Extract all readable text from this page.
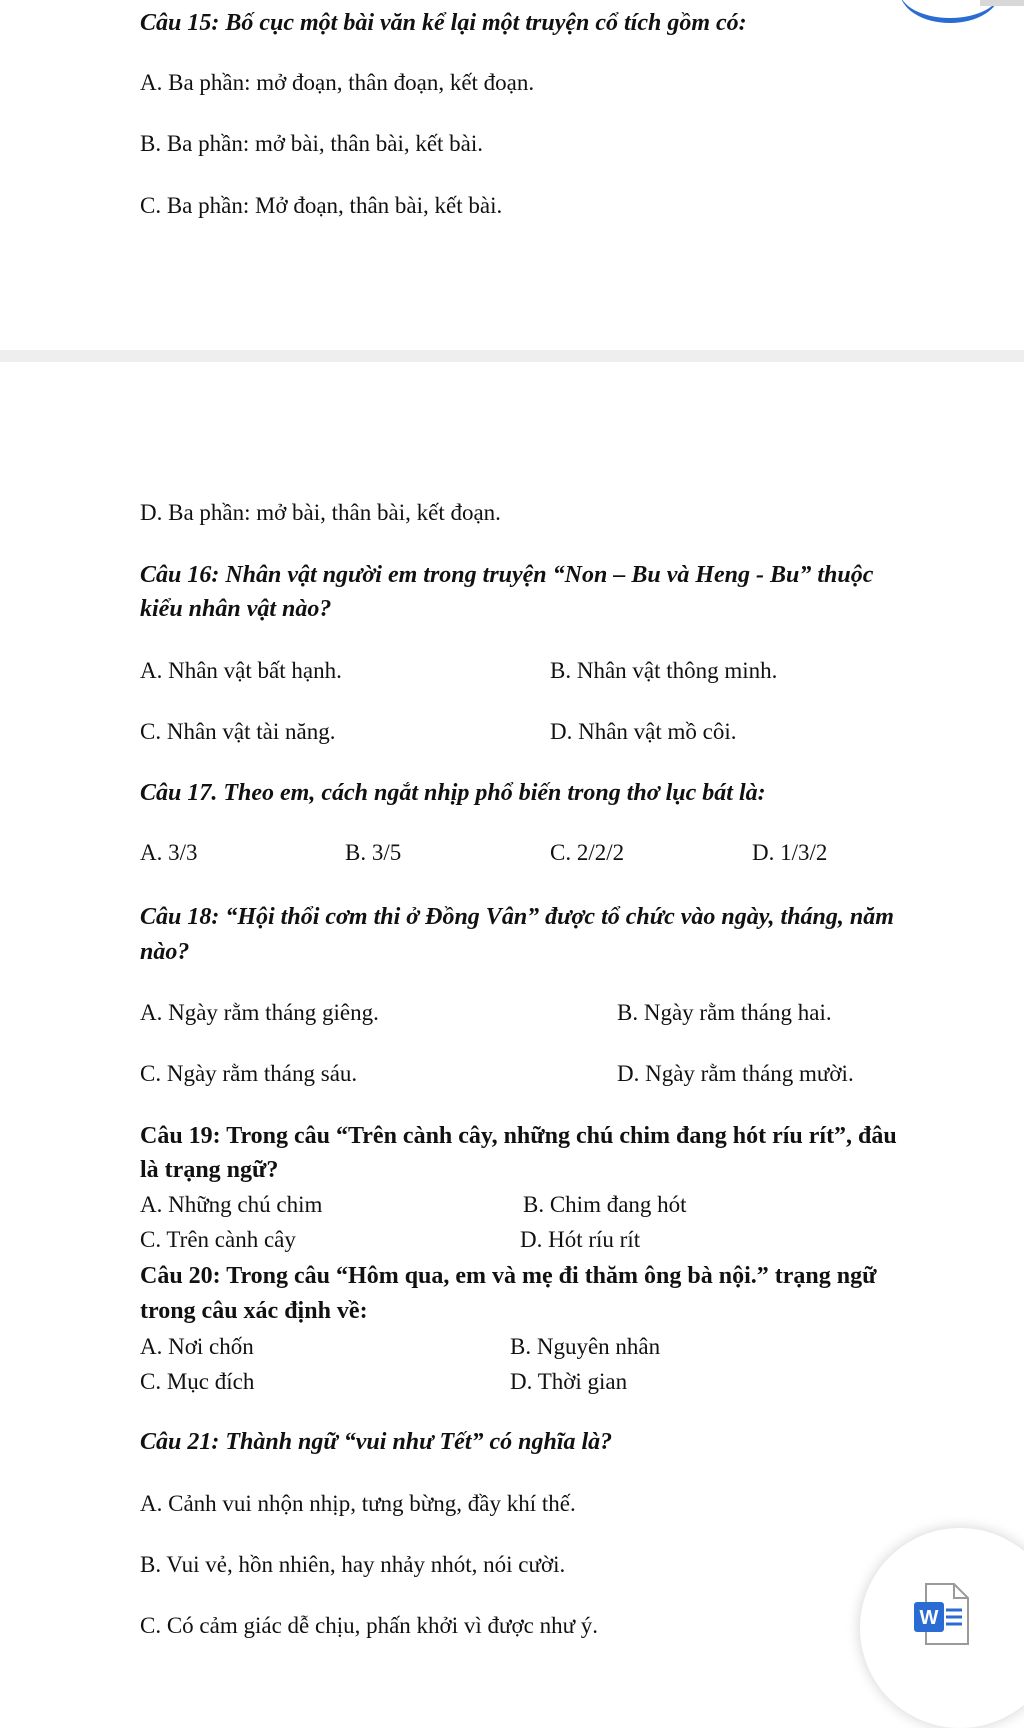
Câu 15: Bố cục một bài văn kể lại một truyện cổ tích gồm có:
A. Ba phần: mở đoạn, thân đoạn, kết đoạn.
B. Ba phần: mở bài, thân bài, kết bài.
C. Ba phần: Mở đoạn, thân bài, kết bài.
D. Ba phần: mở bài, thân bài, kết đoạn.
Câu 16: Nhân vật người em trong truyện “Non – Bu và Heng - Bu” thuộc
kiểu nhân vật nào?
A. Nhân vật bất hạnh.	B. Nhân vật thông minh.
C. Nhân vật tài năng.	D. Nhân vật mồ côi.
Câu 17. Theo em, cách ngắt nhịp phổ biến trong thơ lục bát là:
A. 3/3	B. 3/5	C. 2/2/2	D. 1/3/2
Câu 18: “Hội thổi cơm thi ở Đồng Vân” được tổ chức vào ngày, tháng, năm
nào?
A. Ngày rằm tháng giêng.	B. Ngày rằm tháng hai.
C. Ngày rằm tháng sáu.	D. Ngày rằm tháng mười.
Câu 19: Trong câu “Trên cành cây, những chú chim đang hót ríu rít”, đâu
là trạng ngữ?
A. Những chú chim	B. Chim đang hót
C. Trên cành cây	D. Hót ríu rít
Câu 20: Trong câu “Hôm qua, em và mẹ đi thăm ông bà nội.” trạng ngữ
trong câu xác định về:
A. Nơi chốn	B. Nguyên nhân
C. Mục đích	D. Thời gian
Câu 21: Thành ngữ “vui như Tết” có nghĩa là?
A. Cảnh vui nhộn nhịp, tưng bừng, đầy khí thế.
B. Vui vẻ, hồn nhiên, hay nhảy nhót, nói cười.
C. Có cảm giác dễ chịu, phấn khởi vì được như ý.	W
